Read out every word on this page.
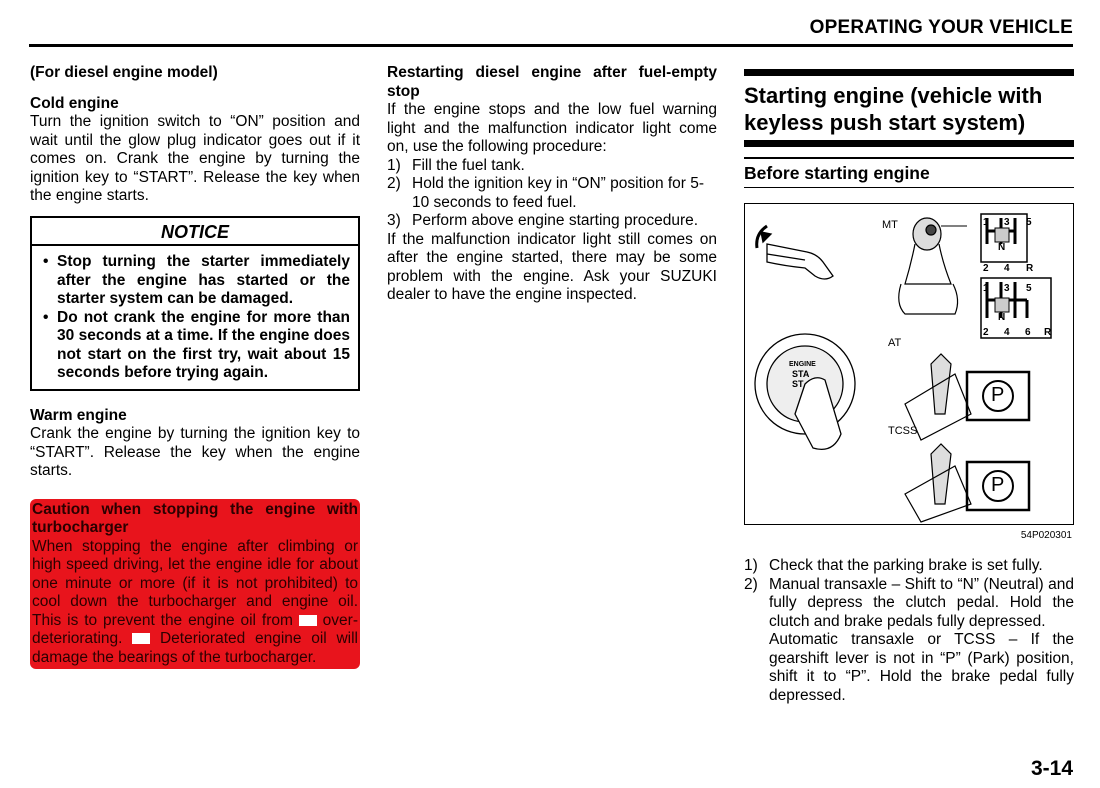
OPERATING YOUR VEHICLE

(For diesel engine model)

Cold engine

Turn the ignition switch to “ON” position and wait until the glow plug indicator goes out if it comes on. Crank the engine by turning the ignition key to “START”. Release the key when the engine starts.

NOTICE
• Stop turning the starter immediately after the engine has started or the starter system can be damaged.
• Do not crank the engine for more than 30 seconds at a time. If the engine does not start on the first try, wait about 15 seconds before trying again.

Warm engine

Crank the engine by turning the ignition key to “START”. Release the key when the engine starts.

Caution when stopping the engine with turbocharger

When stopping the engine after climbing or high speed driving, let the engine idle for about one minute or more (if it is not prohibited) to cool down the turbocharger and engine oil. This is to prevent the engine oil from over-deteriorating. Deteriorated engine oil will damage the bearings of the turbocharger.

Restarting diesel engine after fuel-empty stop

If the engine stops and the low fuel warning light and the malfunction indicator light come on, use the following procedure:

1) Fill the fuel tank.
2) Hold the ignition key in “ON” position for 5-10 seconds to feed fuel.
3) Perform above engine starting procedure.

If the malfunction indicator light still comes on after the engine started, there may be some problem with the engine. Ask your SUZUKI dealer to have the engine inspected.

Starting engine (vehicle with keyless push start system)
Before starting engine
MT
AT
TCSS
ENGINE
STA
ST
1 3 5
2 4 R
N
1 3 5
2 4 6 R
N
P
P
54P020301
1) Check that the parking brake is set fully.
2) Manual transaxle – Shift to “N” (Neutral) and fully depress the clutch pedal. Hold the clutch and brake pedals fully depressed.

Automatic transaxle or TCSS – If the gearshift lever is not in “P” (Park) position, shift it to “P”. Hold the brake pedal fully depressed.

3-14
